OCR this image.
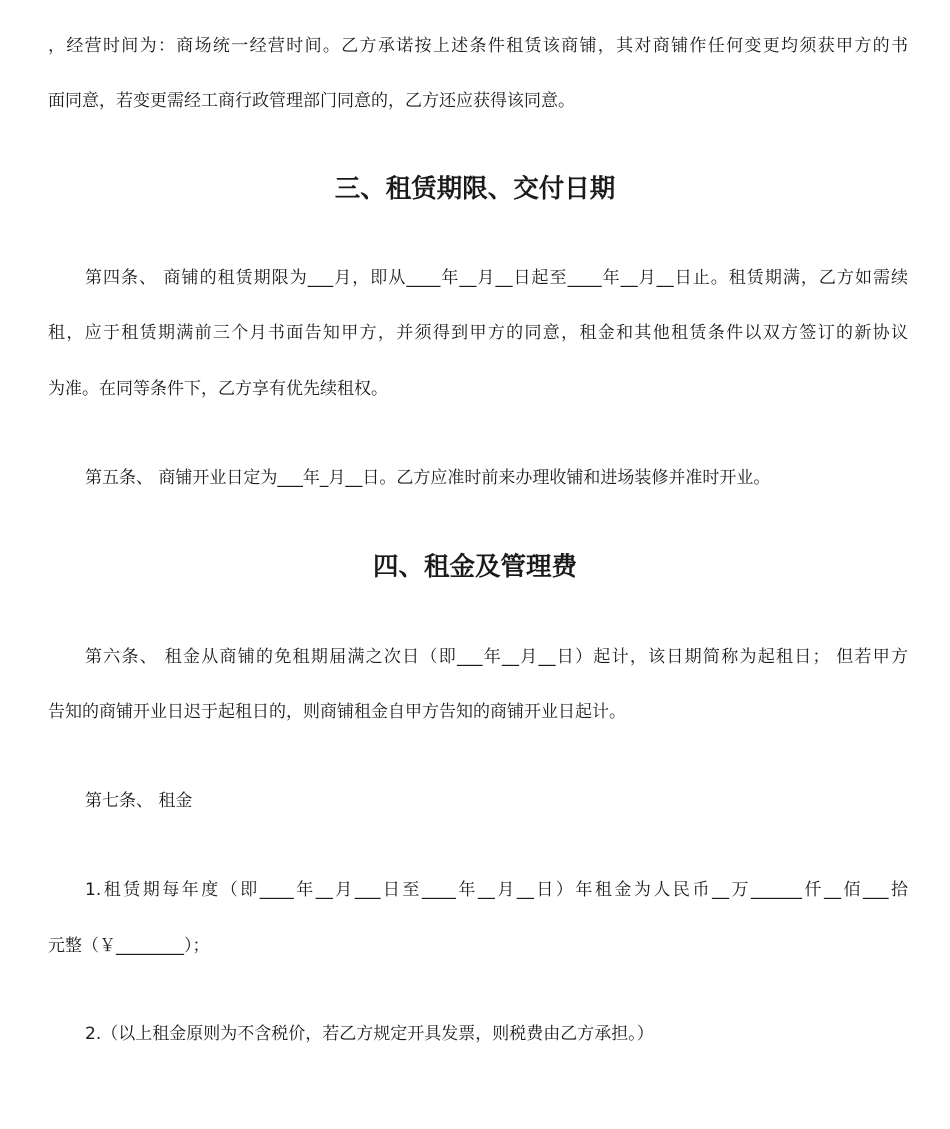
，经营时间为：商场统一经营时间。乙方承诺按上述条件租赁该商铺，其对商铺作任何变更均须获甲方的书

面同意，若变更需经工商行政管理部门同意的，乙方还应获得该同意。

三、租赁期限、交付日期

第四条、 商铺的租赁期限为___月，即从____年__月__日起至____年__月__日止。租赁期满，乙方如需续

租，应于租赁期满前三个月书面告知甲方，并须得到甲方的同意，租金和其他租赁条件以双方签订的新协议

为准。在同等条件下，乙方享有优先续租权。

第五条、 商铺开业日定为___年_月__日。乙方应准时前来办理收铺和进场装修并准时开业。

四、租金及管理费

第六条、 租金从商铺的免租期届满之次日（即___年__月__日）起计，该日期简称为起租日； 但若甲方

告知的商铺开业日迟于起租日的，则商铺租金自甲方告知的商铺开业日起计。

第七条、 租金

1.租赁期每年度（即____年__月___日至____年__月__日）年租金为人民币__万______仟__佰___拾

元整（￥________）；

2.（以上租金原则为不含税价，若乙方规定开具发票，则税费由乙方承担。）
